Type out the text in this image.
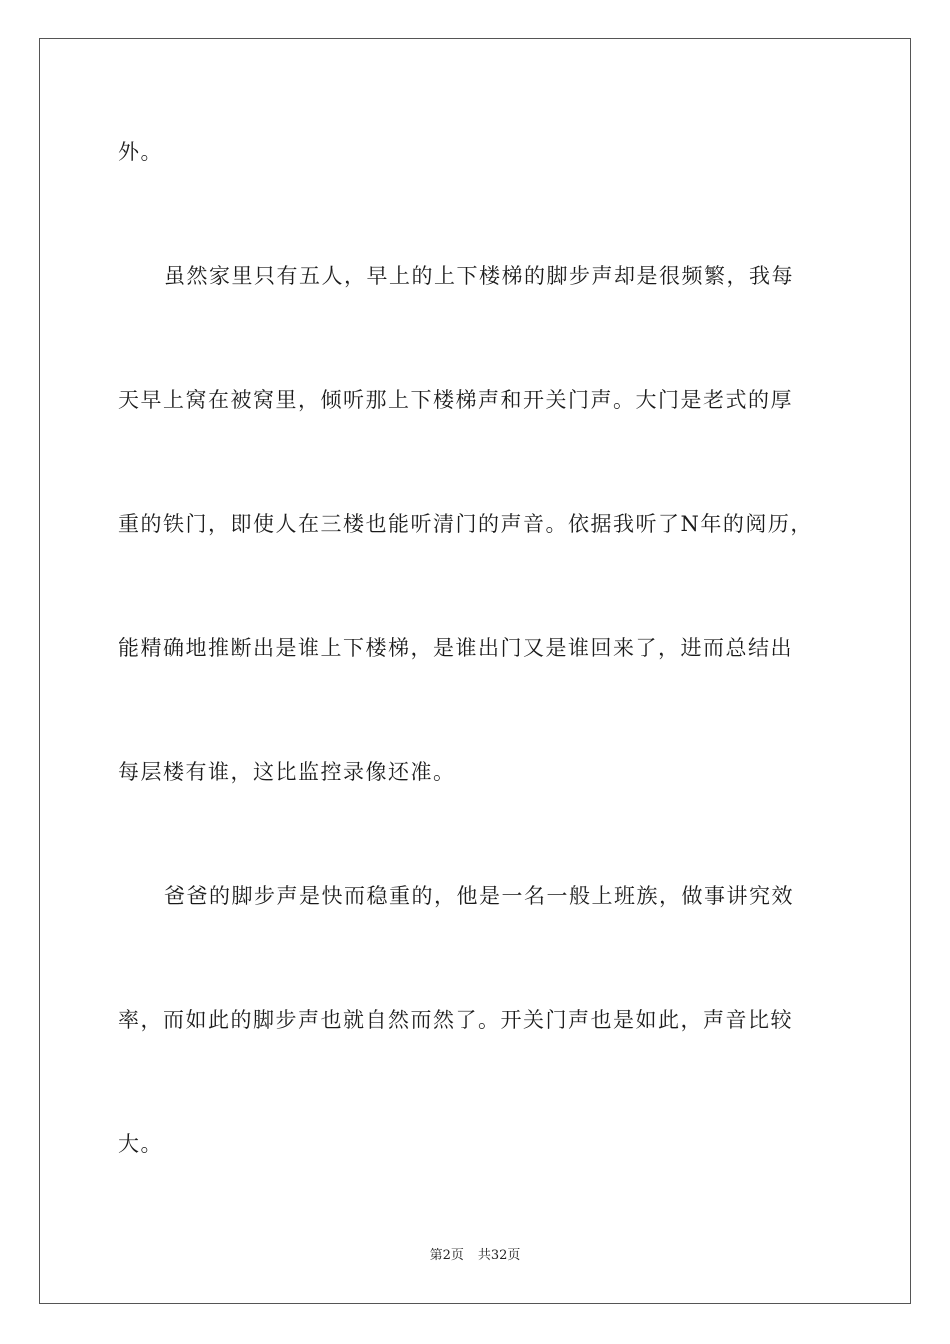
外。
虽然家里只有五人，早上的上下楼梯的脚步声却是很频繁，我每
天早上窝在被窝里，倾听那上下楼梯声和开关门声。大门是老式的厚
重的铁门，即使人在三楼也能听清门的声音。依据我听了N年的阅历，
能精确地推断出是谁上下楼梯，是谁出门又是谁回来了，进而总结出
每层楼有谁，这比监控录像还准。
爸爸的脚步声是快而稳重的，他是一名一般上班族，做事讲究效
率，而如此的脚步声也就自然而然了。开关门声也是如此，声音比较
大。
第2页 共32页
